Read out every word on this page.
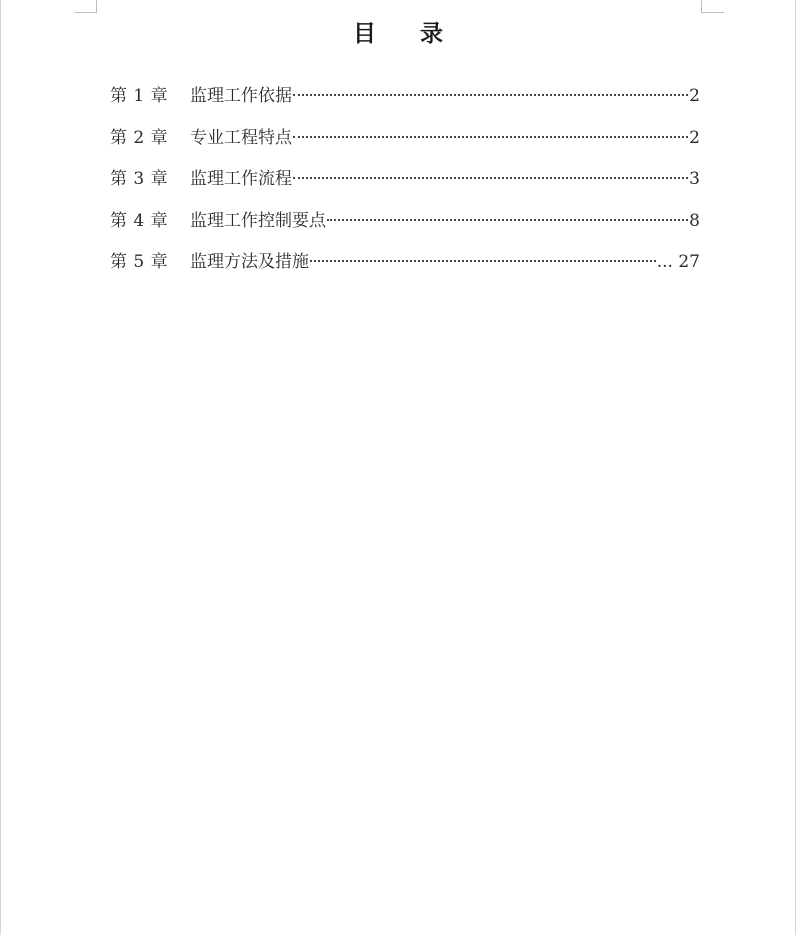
目 录
第 1 章	监理工作依据	2
第 2 章	专业工程特点	2
第 3 章	监理工作流程	3
第 4 章	监理工作控制要点	8
第 5 章	监理方法及措施	... 27
